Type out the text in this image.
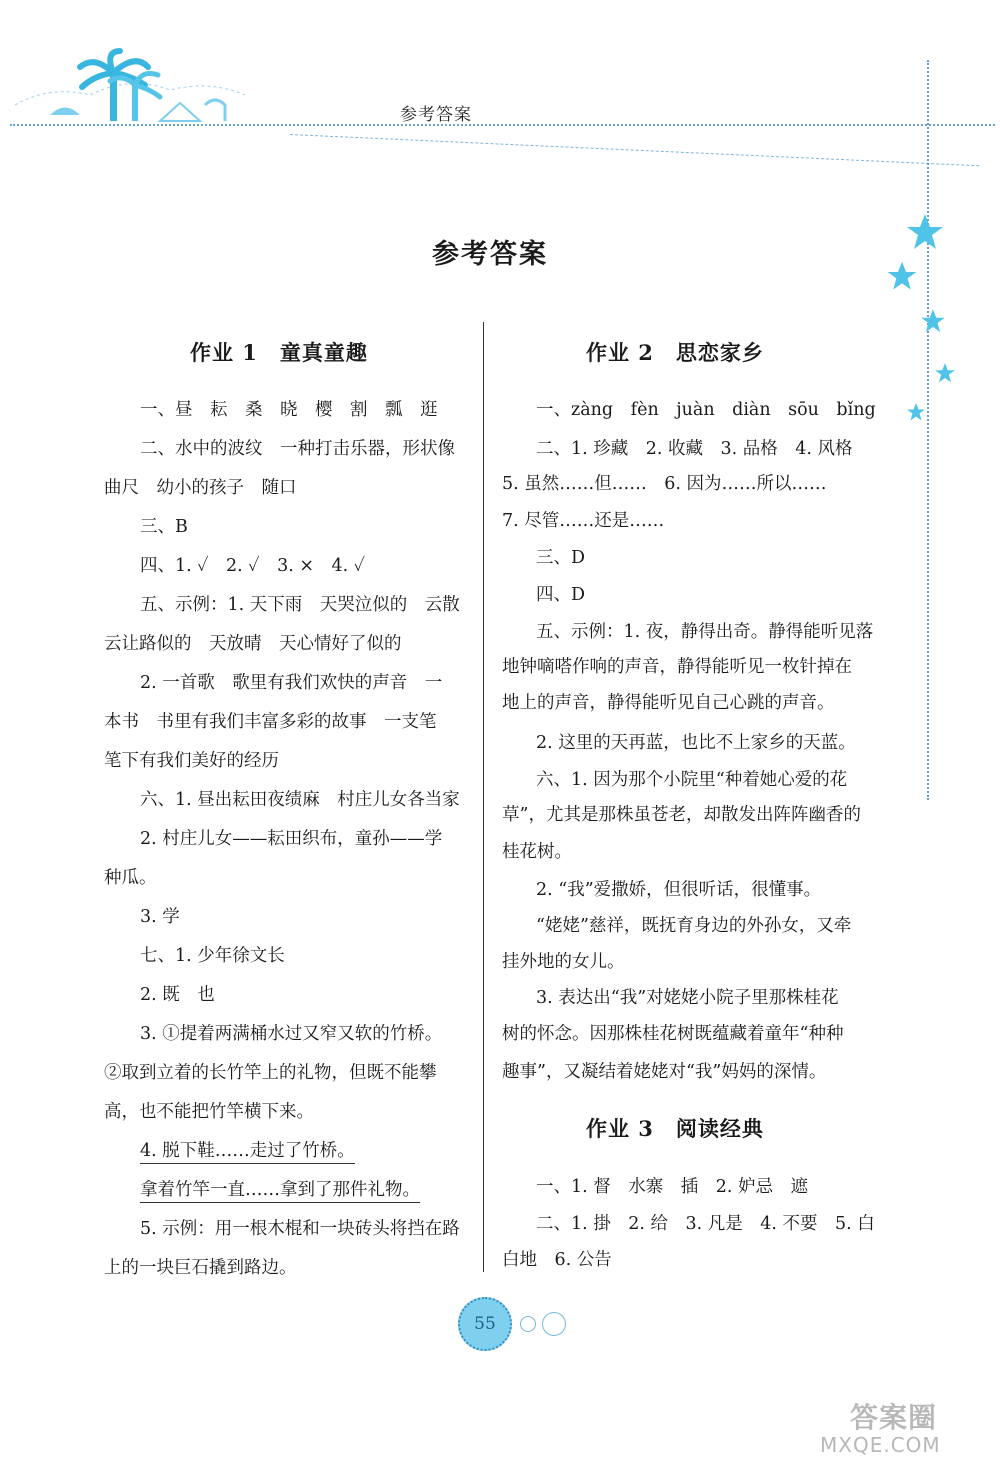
参考答案
参考答案
作业 1　童真童趣
一、昼　耘　桑　晓　樱　割　瓢　逛
二、水中的波纹　一种打击乐器，形状像
曲尺　幼小的孩子　随口
三、B
四、1. ✓　2. ✓　3. ×　4. ✓
五、示例：1. 天下雨　天哭泣似的　云散
云让路似的　天放晴　天心情好了似的
2. 一首歌　歌里有我们欢快的声音　一
本书　书里有我们丰富多彩的故事　一支笔
笔下有我们美好的经历
六、1. 昼出耘田夜绩麻　村庄儿女各当家
2. 村庄儿女——耘田织布，童孙——学
种瓜。
3. 学
七、1. 少年徐文长
2. 既　也
3. ①提着两满桶水过又窄又软的竹桥。
②取到立着的长竹竿上的礼物，但既不能攀
高，也不能把竹竿横下来。
4. 脱下鞋……走过了竹桥。
拿着竹竿一直……拿到了那件礼物。
5. 示例：用一根木棍和一块砖头将挡在路
上的一块巨石撬到路边。
作业 2　思恋家乡
一、zàng　fèn　juàn　diàn　sōu　bǐng
二、1. 珍藏　2. 收藏　3. 品格　4. 风格
5. 虽然……但……　6. 因为……所以……
7. 尽管……还是……
三、D
四、D
五、示例：1. 夜，静得出奇。静得能听见落
地钟嘀嗒作响的声音，静得能听见一枚针掉在
地上的声音，静得能听见自己心跳的声音。
2. 这里的天再蓝，也比不上家乡的天蓝。
六、1. 因为那个小院里“种着她心爱的花
草”，尤其是那株虽苍老，却散发出阵阵幽香的
桂花树。
2. “我”爱撒娇，但很听话，很懂事。
“姥姥”慈祥，既抚育身边的外孙女，又牵
挂外地的女儿。
3. 表达出“我”对姥姥小院子里那株桂花
树的怀念。因那株桂花树既蕴藏着童年“种种
趣事”，又凝结着姥姥对“我”妈妈的深情。
作业 3　阅读经典
一、1. 督　水寨　插　2. 妒忌　遮
二、1. 掛　2. 给　3. 凡是　4. 不要　5. 白
白地　6. 公告
55
答案圈
MXQE.COM
